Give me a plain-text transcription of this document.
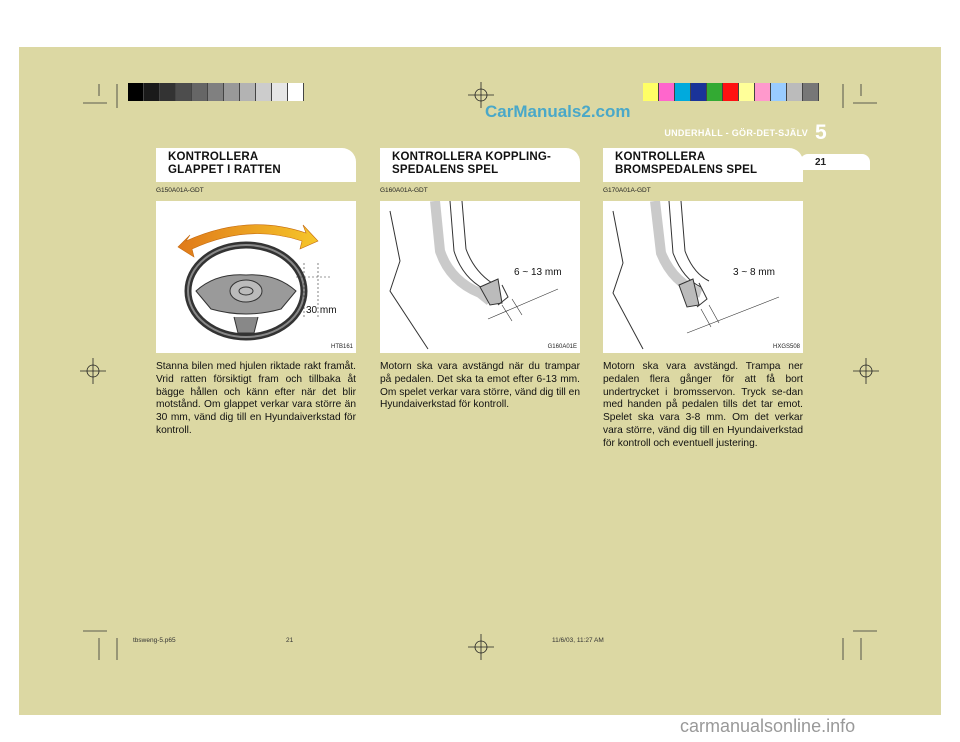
CarManuals2.com
UNDERHÅLL - GÖR-DET-SJÄLV 5
21
KONTROLLERA
GLAPPET I RATTEN
G150A01A-GDT
30 mm
HTB161
Stanna bilen med hjulen riktade rakt framåt. Vrid ratten försiktigt fram och tillbaka åt bägge hållen och känn efter när det blir motstånd. Om glappet verkar vara större än 30 mm, vänd dig till en Hyundaiverkstad för kontroll.
KONTROLLERA KOPPLING-
SPEDALENS SPEL
G160A01A-GDT
6 ~ 13 mm
G160A01E
Motorn ska vara avstängd när du trampar på pedalen. Det ska ta emot efter 6-13 mm. Om spelet verkar vara större, vänd dig till en Hyundaiverkstad för kontroll.
KONTROLLERA
BROMSPEDALENS SPEL
G170A01A-GDT
3 ~ 8 mm
HXGS508
Motorn ska vara avstängd. Trampa ner pedalen flera gånger för att få bort undertrycket i bromsservon. Tryck se-dan med handen på pedalen tills det tar emot. Spelet ska vara 3-8 mm. Om det verkar vara större, vänd dig till en Hyundaiverkstad för kontroll och eventuell justering.
tbsweng-5.p65	21	11/6/03, 11:27 AM
carmanualsonline.info
